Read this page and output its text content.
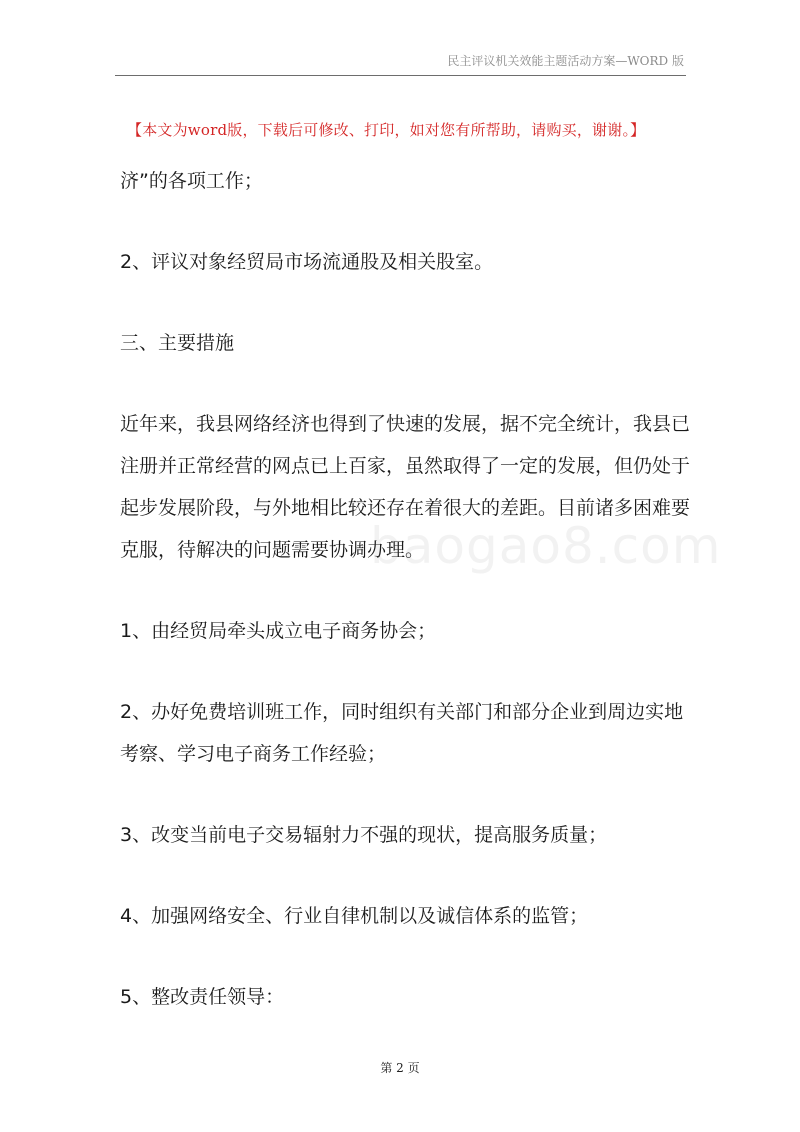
民主评议机关效能主题活动方案—WORD 版
【本文为word版，下载后可修改、打印，如对您有所帮助，请购买，谢谢。】

济”的各项工作；

2、评议对象经贸局市场流通股及相关股室。

三、主要措施

近年来，我县网络经济也得到了快速的发展，据不完全统计，我县已

注册并正常经营的网点已上百家，虽然取得了一定的发展，但仍处于

起步发展阶段，与外地相比较还存在着很大的差距。目前诸多困难要

克服，待解决的问题需要协调办理。

1、由经贸局牵头成立电子商务协会；

2、办好免费培训班工作，同时组织有关部门和部分企业到周边实地

考察、学习电子商务工作经验；

3、改变当前电子交易辐射力不强的现状，提高服务质量；

4、加强网络安全、行业自律机制以及诚信体系的监管；

5、整改责任领导：

baogao8.com
第 2 页
